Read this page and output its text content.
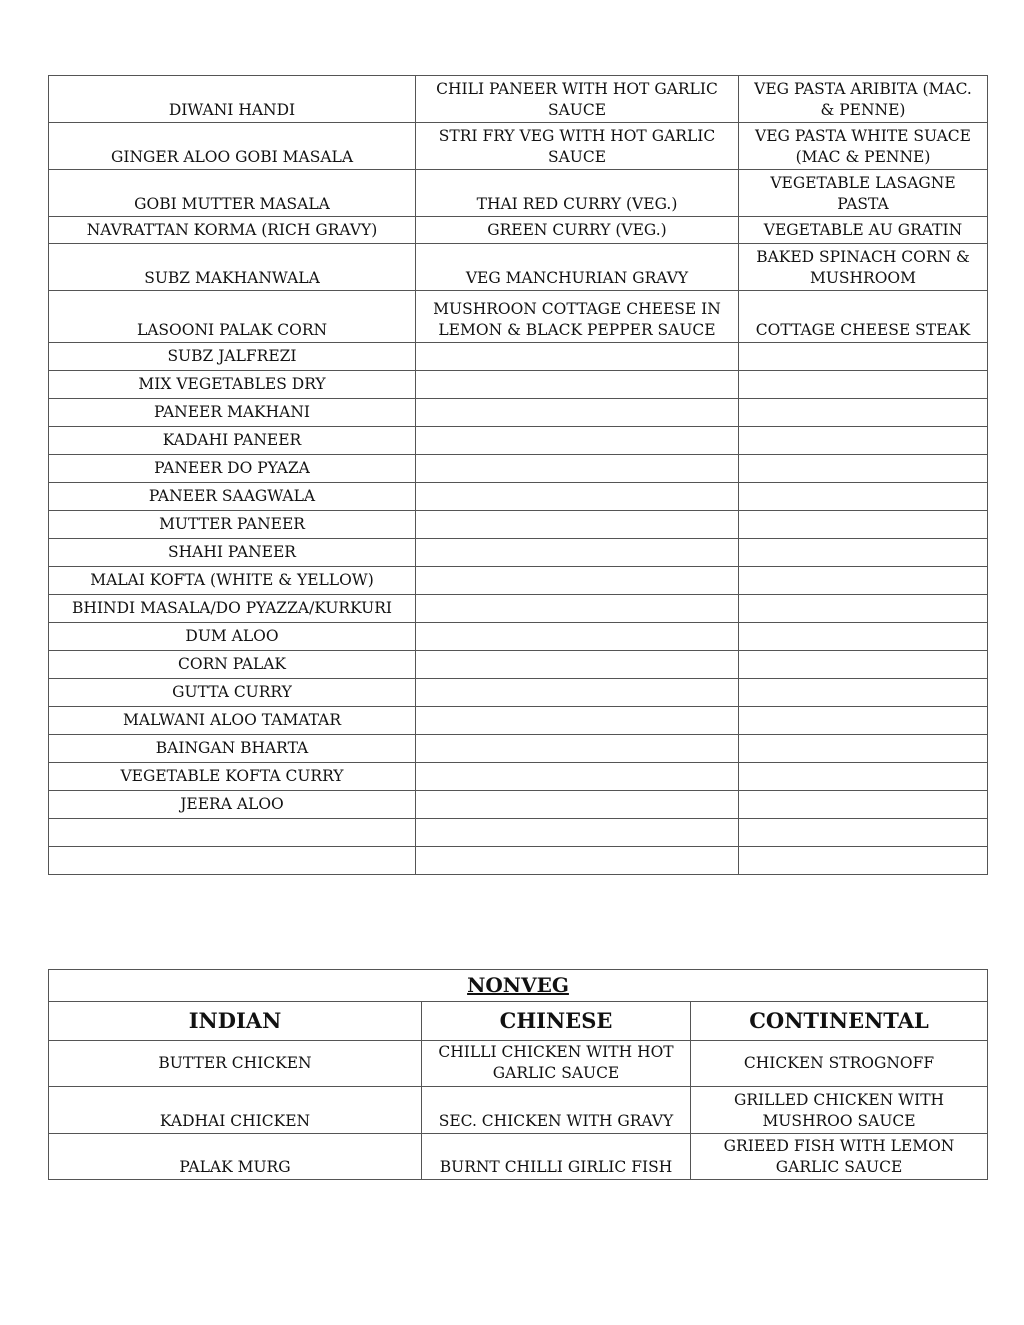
DIWANI HANDI	CHILI PANEER WITH HOT GARLIC SAUCE	VEG PASTA ARIBITA (MAC. & PENNE)
GINGER ALOO GOBI MASALA	STRI FRY VEG WITH HOT GARLIC SAUCE	VEG PASTA WHITE SUACE (MAC & PENNE)
GOBI MUTTER MASALA	THAI RED CURRY (VEG.)	VEGETABLE LASAGNE PASTA
NAVRATTAN KORMA (RICH GRAVY)	GREEN CURRY (VEG.)	VEGETABLE AU GRATIN
SUBZ MAKHANWALA	VEG MANCHURIAN GRAVY	BAKED SPINACH CORN & MUSHROOM
LASOONI PALAK CORN	MUSHROON COTTAGE CHEESE IN LEMON & BLACK PEPPER SAUCE	COTTAGE CHEESE STEAK
SUBZ JALFREZI		
MIX VEGETABLES DRY		
PANEER MAKHANI		
KADAHI PANEER		
PANEER DO PYAZA		
PANEER SAAGWALA		
MUTTER PANEER		
SHAHI PANEER		
MALAI KOFTA (WHITE & YELLOW)		
BHINDI MASALA/DO PYAZZA/KURKURI		
DUM ALOO		
CORN PALAK		
GUTTA CURRY		
MALWANI ALOO TAMATAR		
BAINGAN BHARTA		
VEGETABLE KOFTA CURRY		
JEERA ALOO		

NONVEG		
INDIAN	CHINESE	CONTINENTAL
BUTTER CHICKEN	CHILLI CHICKEN WITH HOT GARLIC SAUCE	CHICKEN STROGNOFF
KADHAI CHICKEN	SEC. CHICKEN WITH GRAVY	GRILLED CHICKEN WITH MUSHROO SAUCE
PALAK MURG	BURNT CHILLI GIRLIC FISH	GRIEED FISH WITH LEMON GARLIC SAUCE
